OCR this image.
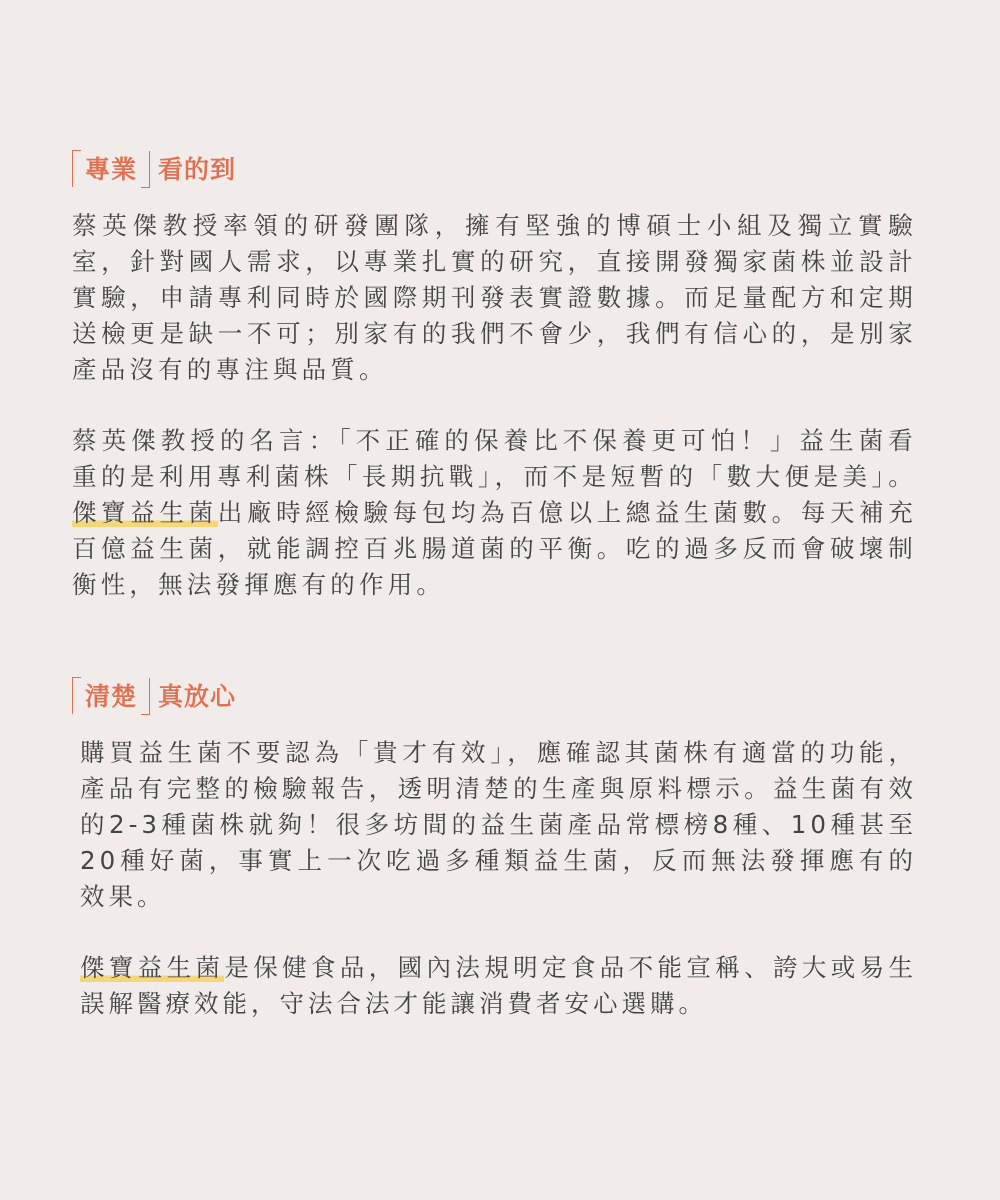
專業 看的到

蔡英傑教授率領的研發團隊，擁有堅強的博碩士小組及獨立實驗室，針對國人需求，以專業扎實的研究，直接開發獨家菌株並設計實驗，申請專利同時於國際期刊發表實證數據。而足量配方和定期送檢更是缺一不可；別家有的我們不會少，我們有信心的，是別家產品沒有的專注與品質。

蔡英傑教授的名言：「不正確的保養比不保養更可怕！」益生菌看重的是利用專利菌株「長期抗戰」，而不是短暫的「數大便是美」。傑寶益生菌出廠時經檢驗每包均為百億以上總益生菌數。每天補充百億益生菌，就能調控百兆腸道菌的平衡。吃的過多反而會破壞制衡性，無法發揮應有的作用。

清楚 真放心

購買益生菌不要認為「貴才有效」，應確認其菌株有適當的功能，產品有完整的檢驗報告，透明清楚的生產與原料標示。益生菌有效的2-3種菌株就夠！很多坊間的益生菌產品常標榜8種、10種甚至20種好菌，事實上一次吃過多種類益生菌，反而無法發揮應有的效果。

傑寶益生菌是保健食品，國內法規明定食品不能宣稱、誇大或易生誤解醫療效能，守法合法才能讓消費者安心選購。
